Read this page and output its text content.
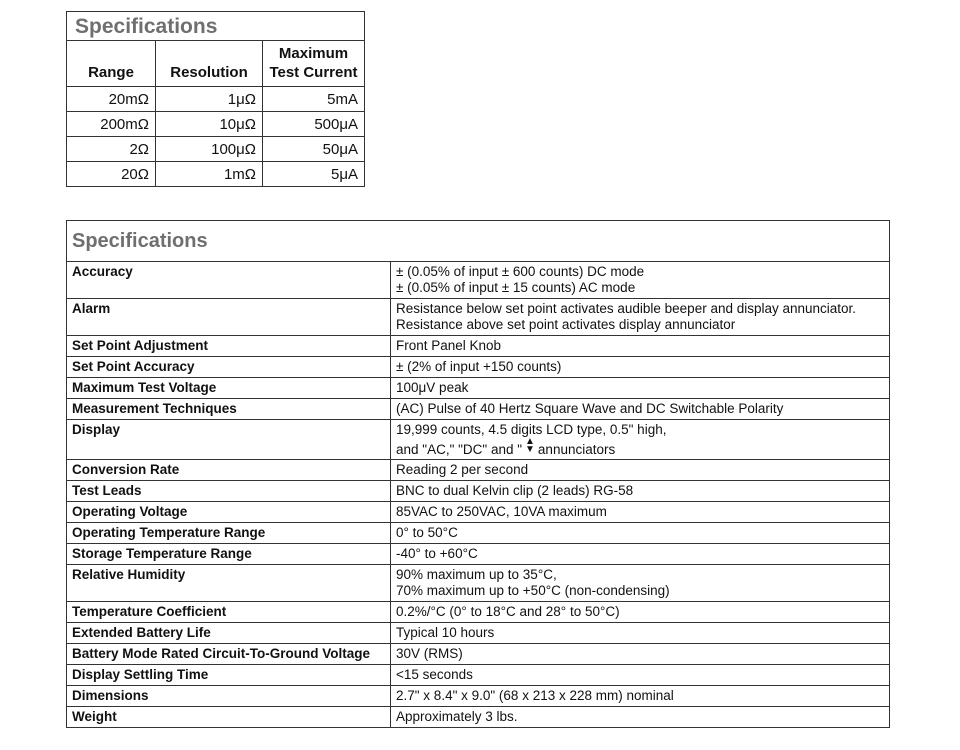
Specifications		

Range	Resolution	Maximum
Test Current

20mΩ	1μΩ	5mA
200mΩ	10μΩ	500μA
2Ω	100μΩ	50μA
20Ω	1mΩ	5μA
Specifications	
Accuracy	± (0.05% of input ± 600 counts) DC mode
± (0.05% of input ± 15 counts) AC mode

Alarm	Resistance below set point activates audible beeper and display annunciator.
Resistance above set point activates display annunciator

Set Point Adjustment	Front Panel Knob

Set Point Accuracy	± (2% of input +150 counts)

Maximum Test Voltage	100μV peak

Measurement Techniques	(AC) Pulse of 40 Hertz Square Wave and DC Switchable Polarity

Display	19,999 counts, 4.5 digits LCD type, 0.5" high,
and "AC," "DC" and "
▲
▼ annunciators

Conversion Rate	Reading 2 per second

Test Leads	BNC to dual Kelvin clip (2 leads) RG-58

Operating Voltage	85VAC to 250VAC, 10VA maximum

Operating Temperature Range	0° to 50°C

Storage Temperature Range	-40° to +60°C

Relative Humidity	90% maximum up to 35°C,
70% maximum up to +50°C (non-condensing)

Temperature Coefficient	0.2%/°C (0° to 18°C and 28° to 50°C)

Extended Battery Life	Typical 10 hours

Battery Mode Rated Circuit-To-Ground Voltage	30V (RMS)

Display Settling Time	<15 seconds

Dimensions	2.7" x 8.4" x 9.0" (68 x 213 x 228 mm) nominal

Weight	Approximately 3 lbs.
